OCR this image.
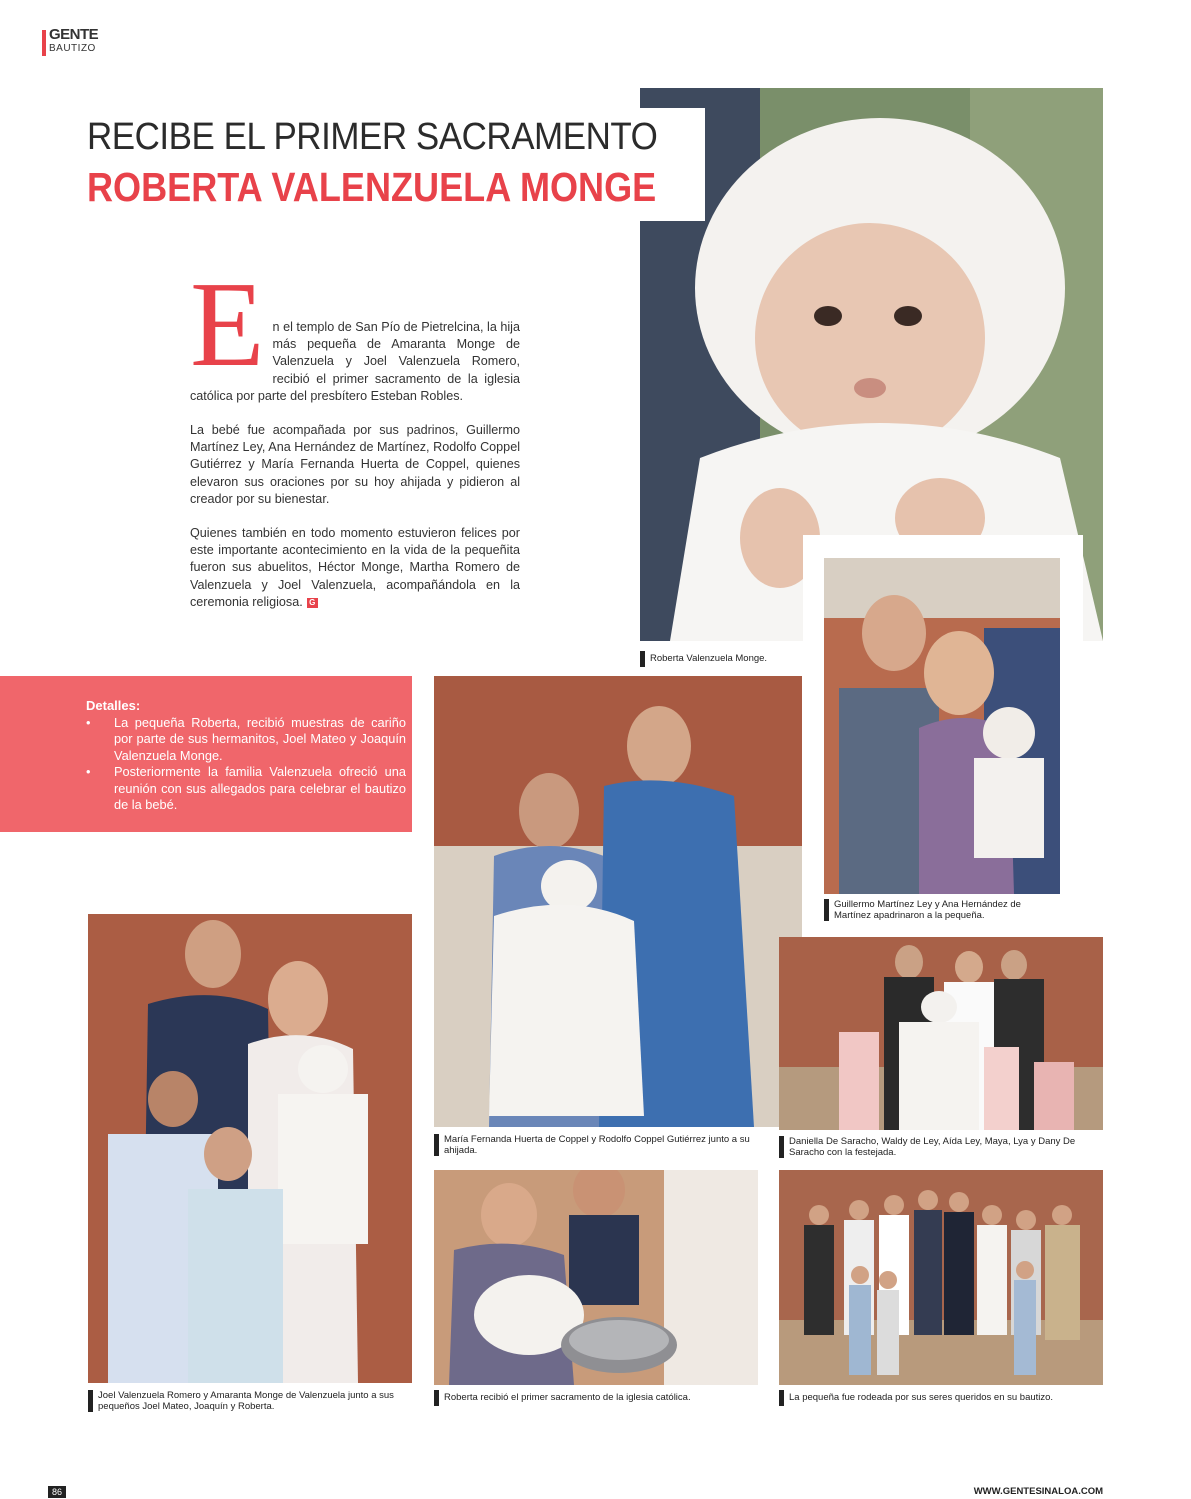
GENTE
BAUTIZO
RECIBE EL PRIMER SACRAMENTO
ROBERTA VALENZUELA MONGE
E n el templo de San Pío de Pietrelcina, la hija más pequeña de Amaranta Monge de Valenzuela y Joel Valenzuela Romero, recibió el primer sacramento de la iglesia católica por parte del presbítero Esteban Robles.

La bebé fue acompañada por sus padrinos, Guillermo Martínez Ley, Ana Hernández de Martínez, Rodolfo Coppel Gutiérrez y María Fernanda Huerta de Coppel, quienes elevaron sus oraciones por su hoy ahijada y pidieron al creador por su bienestar.

Quienes también en todo momento estuvieron felices por este importante acontecimiento en la vida de la pequeñita fueron sus abuelitos, Héctor Monge, Martha Romero de Valenzuela y Joel Valenzuela, acompañándola en la ceremonia religiosa. G

Roberta Valenzuela Monge.
Guillermo Martínez Ley y Ana Hernández de Martínez apadrinaron a la pequeña.
Detalles:
• La pequeña Roberta, recibió muestras de cariño por parte de sus hermanitos, Joel Mateo y Joaquín Valenzuela Monge.
• Posteriormente la familia Valenzuela ofreció una reunión con sus allegados para celebrar el bautizo de la bebé.
María Fernanda Huerta de Coppel y Rodolfo Coppel Gutiérrez junto a su ahijada.
Daniella De Saracho, Waldy de Ley, Aída Ley, Maya, Lya y Dany De Saracho con la festejada.
Joel Valenzuela Romero y Amaranta Monge de Valenzuela junto a sus pequeños Joel Mateo, Joaquín y Roberta.
Roberta recibió el primer sacramento de la iglesia católica.	La pequeña fue rodeada por sus seres queridos en su bautizo.
86	WWW.GENTESINALOA.COM
